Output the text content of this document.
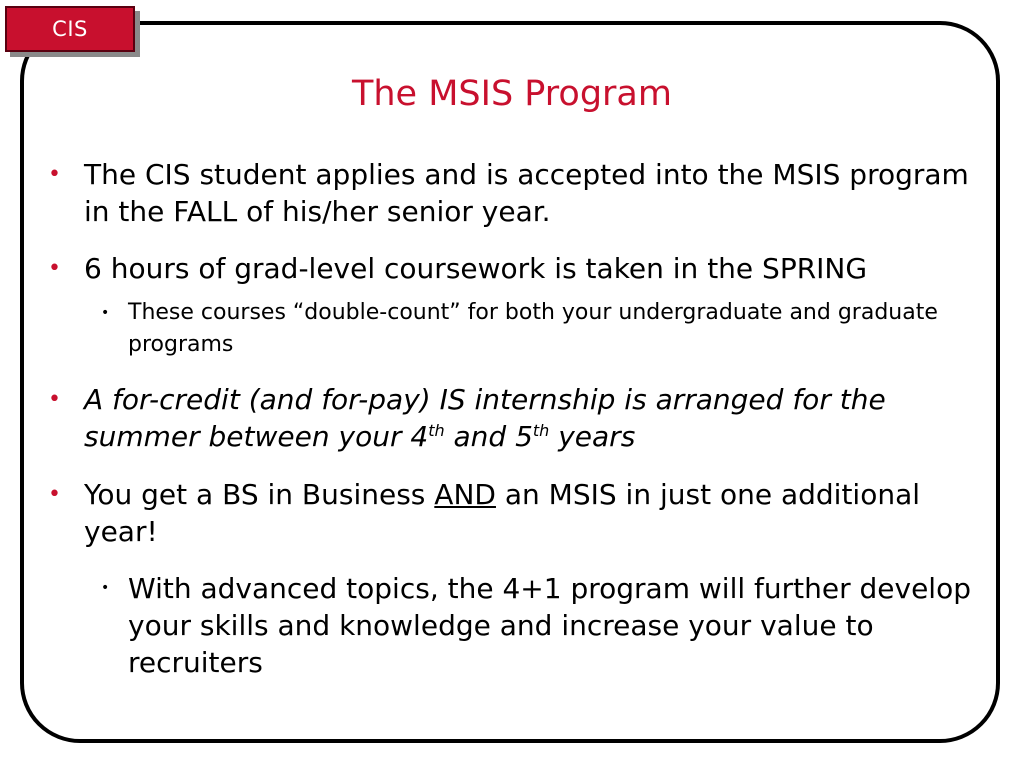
CIS
The MSIS Program
• The CIS student applies and is accepted into the MSIS program in the FALL of his/her senior year.
• 6 hours of grad-level coursework is taken in the SPRING
• These courses “double-count” for both your undergraduate and graduate programs
• A for-credit (and for-pay) IS internship is arranged for the summer between your 4th and 5th years
• You get a BS in Business AND an MSIS in just one additional year!
• With advanced topics, the 4+1 program will further develop your skills and knowledge and increase your value to recruiters
